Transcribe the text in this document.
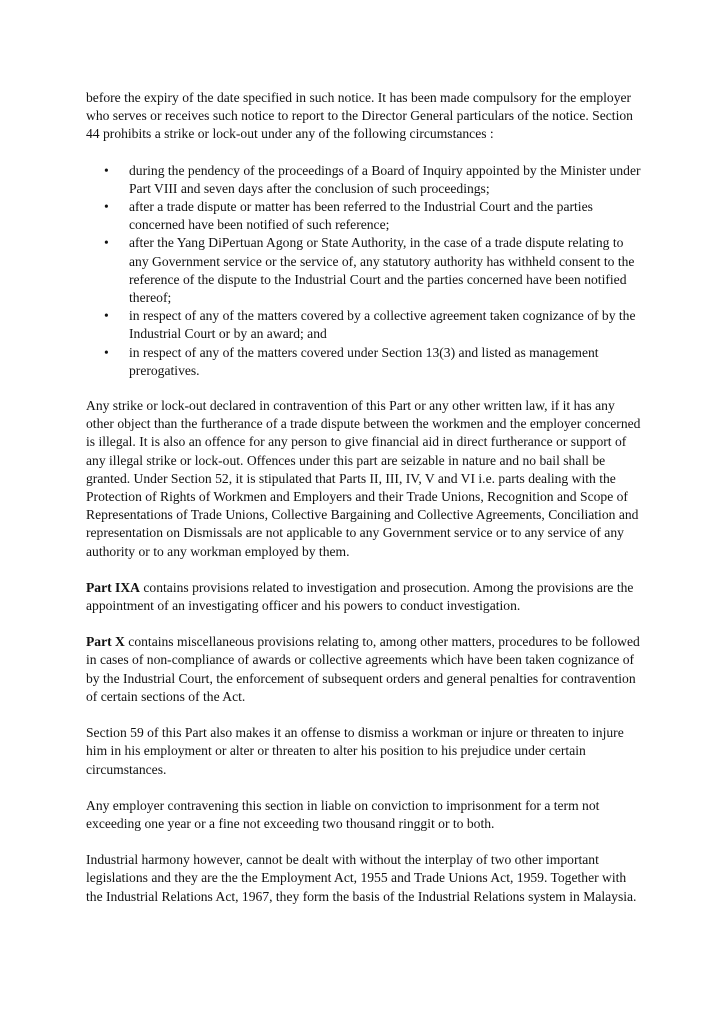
before the expiry of the date specified in such notice. It has been made compulsory for the employer who serves or receives such notice to report to the Director General particulars of the notice. Section 44 prohibits a strike or lock-out under any of the following circumstances :

• during the pendency of the proceedings of a Board of Inquiry appointed by the Minister under Part VIII and seven days after the conclusion of such proceedings;
• after a trade dispute or matter has been referred to the Industrial Court and the parties concerned have been notified of such reference;
• after the Yang DiPertuan Agong or State Authority, in the case of a trade dispute relating to any Government service or the service of, any statutory authority has withheld consent to the reference of the dispute to the Industrial Court and the parties concerned have been notified thereof;
• in respect of any of the matters covered by a collective agreement taken cognizance of by the Industrial Court or by an award; and
• in respect of any of the matters covered under Section 13(3) and listed as management prerogatives.

Any strike or lock-out declared in contravention of this Part or any other written law, if it has any other object than the furtherance of a trade dispute between the workmen and the employer concerned is illegal. It is also an offence for any person to give financial aid in direct furtherance or support of any illegal strike or lock-out. Offences under this part are seizable in nature and no bail shall be granted. Under Section 52, it is stipulated that Parts II, III, IV, V and VI i.e. parts dealing with the Protection of Rights of Workmen and Employers and their Trade Unions, Recognition and Scope of Representations of Trade Unions, Collective Bargaining and Collective Agreements, Conciliation and representation on Dismissals are not applicable to any Government service or to any service of any authority or to any workman employed by them.

Part IXA contains provisions related to investigation and prosecution. Among the provisions are the appointment of an investigating officer and his powers to conduct investigation.

Part X contains miscellaneous provisions relating to, among other matters, procedures to be followed in cases of non-compliance of awards or collective agreements which have been taken cognizance of by the Industrial Court, the enforcement of subsequent orders and general penalties for contravention of certain sections of the Act.

Section 59 of this Part also makes it an offense to dismiss a workman or injure or threaten to injure him in his employment or alter or threaten to alter his position to his prejudice under certain circumstances.

Any employer contravening this section in liable on conviction to imprisonment for a term not exceeding one year or a fine not exceeding two thousand ringgit or to both.

Industrial harmony however, cannot be dealt with without the interplay of two other important legislations and they are the the Employment Act, 1955 and Trade Unions Act, 1959. Together with the Industrial Relations Act, 1967, they form the basis of the Industrial Relations system in Malaysia.
